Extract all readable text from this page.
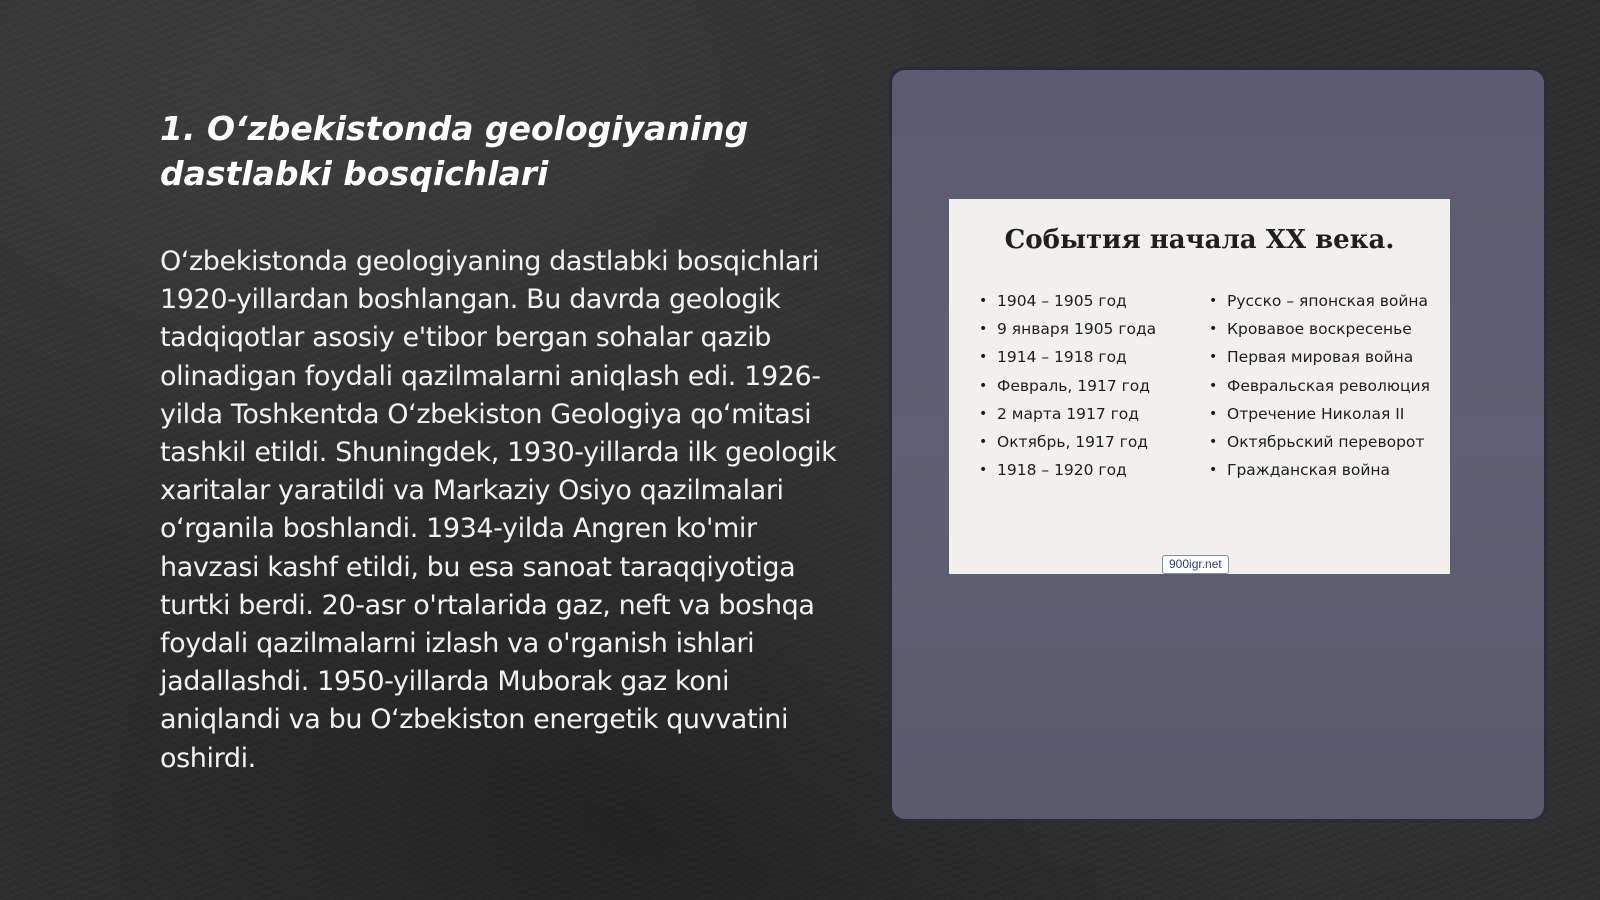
1. O‘zbekistonda geologiyaning dastlabki bosqichlari

O‘zbekistonda geologiyaning dastlabki bosqichlari 1920-yillardan boshlangan. Bu davrda geologik tadqiqotlar asosiy e'tibor bergan sohalar qazib olinadigan foydali qazilmalarni aniqlash edi. 1926-yilda Toshkentda O‘zbekiston Geologiya qo‘mitasi tashkil etildi. Shuningdek, 1930-yillarda ilk geologik xaritalar yaratildi va Markaziy Osiyo qazilmalari o‘rganila boshlandi. 1934-yilda Angren ko'mir havzasi kashf etildi, bu esa sanoat taraqqiyotiga turtki berdi. 20-asr o'rtalarida gaz, neft va boshqa foydali qazilmalarni izlash va o'rganish ishlari jadallashdi. 1950-yillarda Muborak gaz koni aniqlandi va bu O‘zbekiston energetik quvvatini oshirdi.

События начала XX века.
• 1904 – 1905 год
• 9 января 1905 года
• 1914 – 1918 год
• Февраль, 1917 год
• 2 марта 1917 год
• Октябрь, 1917 год
• 1918 – 1920 год
• Русско – японская война
• Кровавое воскресенье
• Первая мировая война
• Февральская революция
• Отречение Николая II
• Октябрьский переворот
• Гражданская война
900igr.net
